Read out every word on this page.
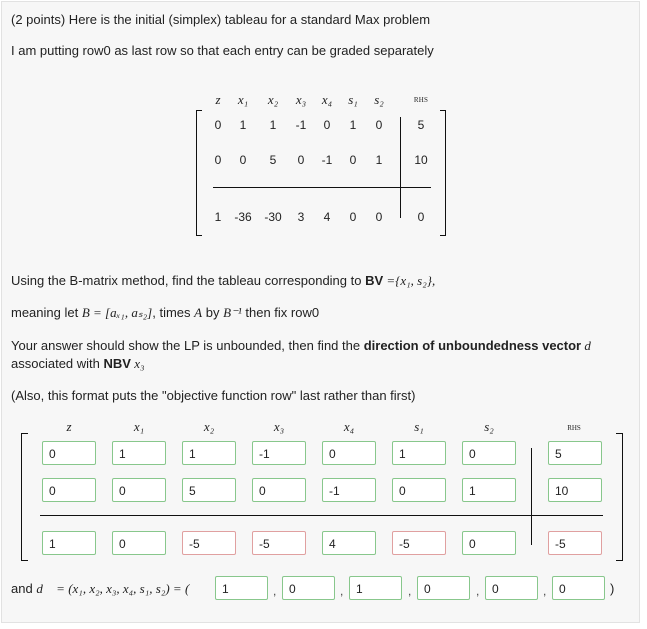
(2 points) Here is the initial (simplex) tableau for a standard Max problem
I am putting row0 as last row so that each entry can be graded separately
Using the B-matrix method, find the tableau corresponding to BV ={x₁, s₂},
meaning let B = [aₓ₁, aₛ₂], times A by B⁻¹ then fix row0
Your answer should show the LP is unbounded, then find the direction of unboundedness vector d⃗
associated with NBV x₃
(Also, this format puts the "objective function row" last rather than first)
and d⃗ = (x₁, x₂, x₃, x₄, s₁, s₂) = (	)
z	x₁	x₂	x₃	x₄	s₁	s₂	RHS
0	1	1	-1	0	1	0	5
0	0	5	0	-1	0	1	10
1	-36	-30	3	4	0	0	0
z	x₁	x₂	x₃	x₄	s₁	s₂	RHS
0	1	1	-1	0	1	0	5
0	0	5	0	-1	0	1	10
1	0	-5	-5	4	-5	0	-5
1	0
,	1
,	0
,	0
,	0
,
